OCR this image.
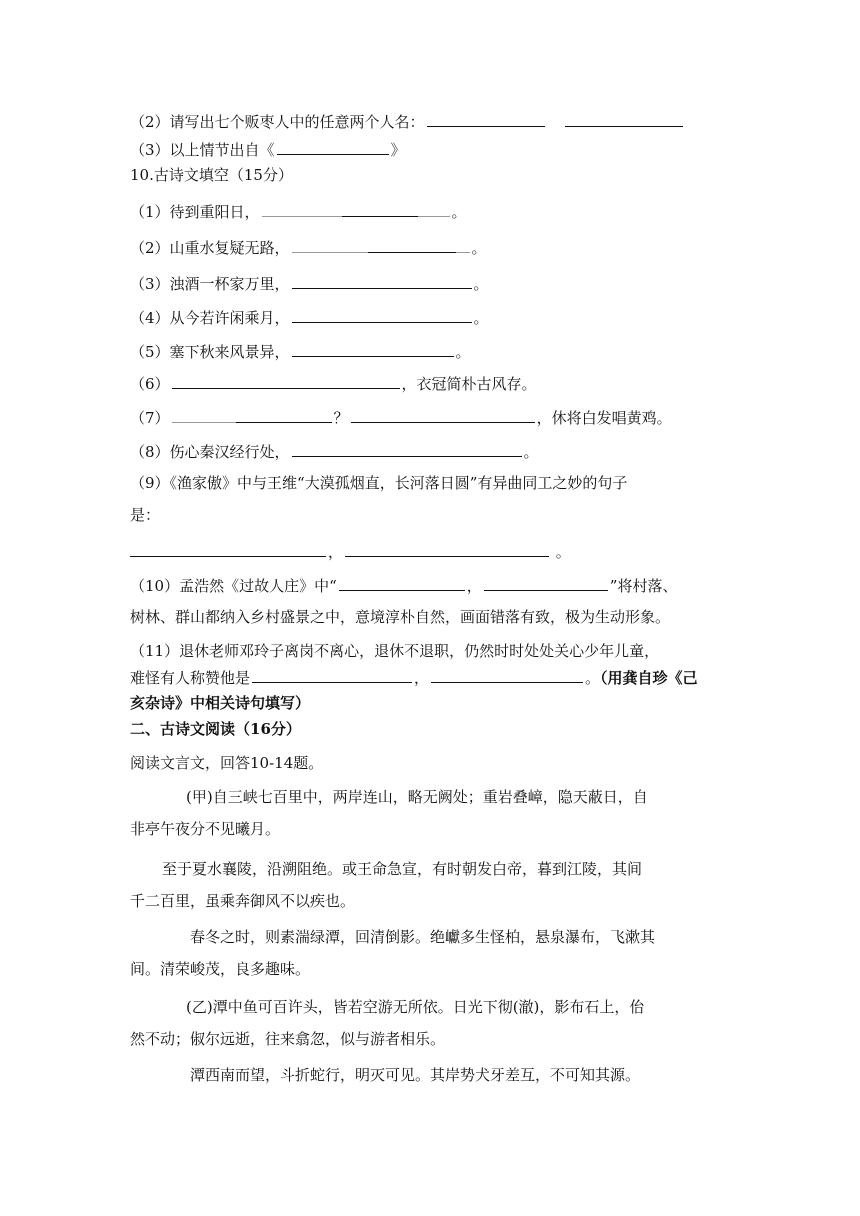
（2）请写出七个贩枣人中的任意两个人名：
（3）以上情节出自《	》
10.古诗文填空（15分）
（1）待到重阳日，	。
（2）山重水复疑无路，	。
（3）浊酒一杯家万里，	。
（4）从今若许闲乘月，	。
（5）塞下秋来风景异，	。
（6）	，衣冠简朴古风存。
（7）	？	，休将白发唱黄鸡。
（8）伤心秦汉经行处，	。
（9）《渔家傲》中与王维“大漠孤烟直，长河落日圆”有异曲同工之妙的句子
是：
，	。
（10）孟浩然《过故人庄》中“	，	”将村落、
树林、群山都纳入乡村盛景之中，意境淳朴自然，画面错落有致，极为生动形象。
（11）退休老师邓玲子离岗不离心，退休不退职，仍然时时处处关心少年儿童，
难怪有人称赞他是	，	。（用龚自珍《己
亥杂诗》中相关诗句填写）
二、古诗文阅读（16分）
阅读文言文，回答10-14题。
(甲)自三峡七百里中，两岸连山，略无阙处；重岩叠嶂，隐天蔽日，自
非亭午夜分不见曦月。
至于夏水襄陵，沿溯阻绝。或王命急宣，有时朝发白帝，暮到江陵，其间
千二百里，虽乘奔御风不以疾也。
春冬之时，则素湍绿潭，回清倒影。绝巘多生怪柏，悬泉瀑布，飞漱其
间。清荣峻茂，良多趣味。
(乙)潭中鱼可百许头，皆若空游无所依。日光下彻(澈)，影布石上，佁
然不动；俶尔远逝，往来翕忽，似与游者相乐。
潭西南而望，斗折蛇行，明灭可见。其岸势犬牙差互，不可知其源。
